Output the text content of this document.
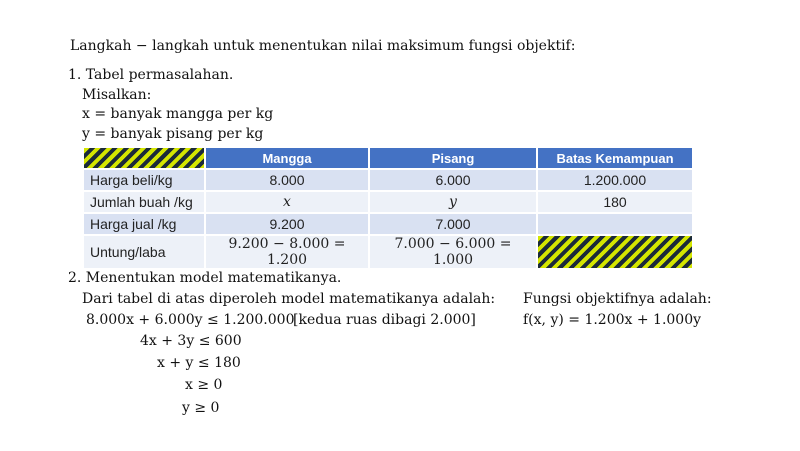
Langkah − langkah untuk menentukan nilai maksimum fungsi objektif:
1. Tabel permasalahan.
Misalkan:
x = banyak mangga per kg
y = banyak pisang per kg
	Mangga	Pisang	Batas Kemampuan
Harga beli/kg	8.000	6.000	1.200.000
Jumlah buah /kg	x	y	180
Harga jual /kg	9.200	7.000	
Untung/laba	9.200 − 8.000 = 1.200	7.000 − 6.000 = 1.000	
2. Menentukan model matematikanya.
Dari tabel di atas diperoleh model matematikanya adalah:
8.000x + 6.000y ≤ 1.200.000
[kedua ruas dibagi 2.000]
4x + 3y ≤ 600
x + y ≤ 180
x ≥ 0
y ≥ 0
Fungsi objektifnya adalah:
f(x, y) = 1.200x + 1.000y
